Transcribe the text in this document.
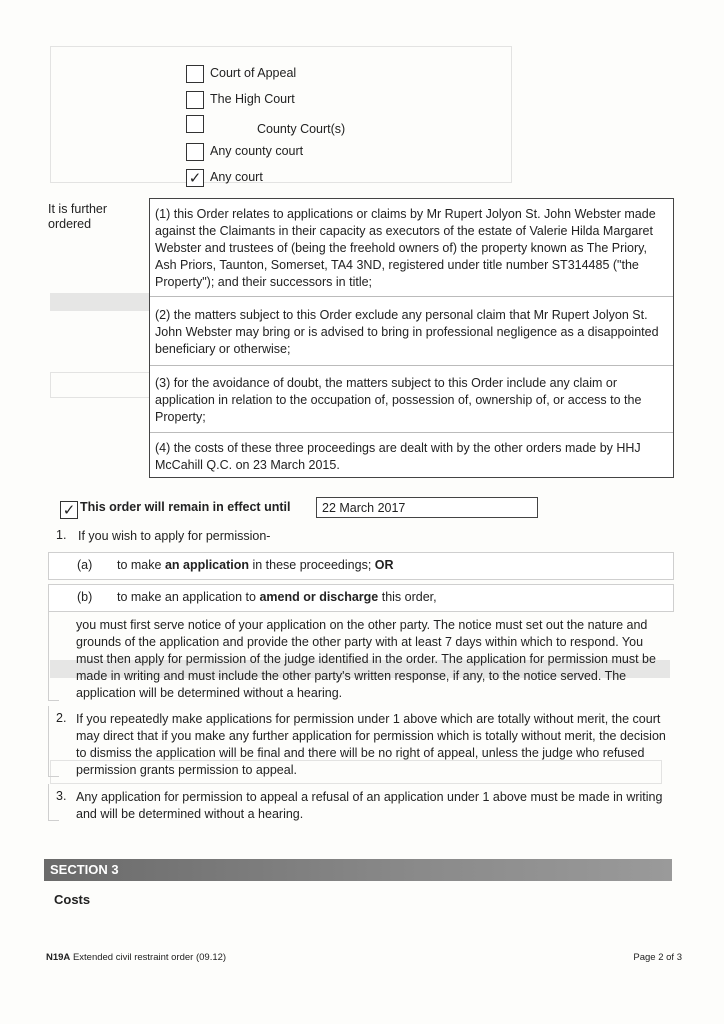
Court of Appeal
The High Court
County Court(s)
Any county court
✓ Any court
It is further ordered
(1) this Order relates to applications or claims by Mr Rupert Jolyon St. John Webster made against the Claimants in their capacity as executors of the estate of Valerie Hilda Margaret Webster and trustees of (being the freehold owners of) the property known as The Priory, Ash Priors, Taunton, Somerset, TA4 3ND, registered under title number ST314485 ("the Property"); and their successors in title;
(2) the matters subject to this Order exclude any personal claim that Mr Rupert Jolyon St. John Webster may bring or is advised to bring in professional negligence as a disappointed beneficiary or otherwise;
(3) for the avoidance of doubt, the matters subject to this Order include any claim or application in relation to the occupation of, possession of, ownership of, or access to the Property;
(4) the costs of these three proceedings are dealt with by the other orders made by HHJ McCahill Q.C. on 23 March 2015.
✓ This order will remain in effect until	22 March 2017
1. If you wish to apply for permission-
(a) to make an application in these proceedings; OR
(b) to make an application to amend or discharge this order,
you must first serve notice of your application on the other party. The notice must set out the nature and grounds of the application and provide the other party with at least 7 days within which to respond. You must then apply for permission of the judge identified in the order. The application for permission must be made in writing and must include the other party's written response, if any, to the notice served. The application will be determined without a hearing.
2. If you repeatedly make applications for permission under 1 above which are totally without merit, the court may direct that if you make any further application for permission which is totally without merit, the decision to dismiss the application will be final and there will be no right of appeal, unless the judge who refused permission grants permission to appeal.
3. Any application for permission to appeal a refusal of an application under 1 above must be made in writing and will be determined without a hearing.
SECTION 3
Costs
N19A Extended civil restraint order (09.12)	Page 2 of 3
